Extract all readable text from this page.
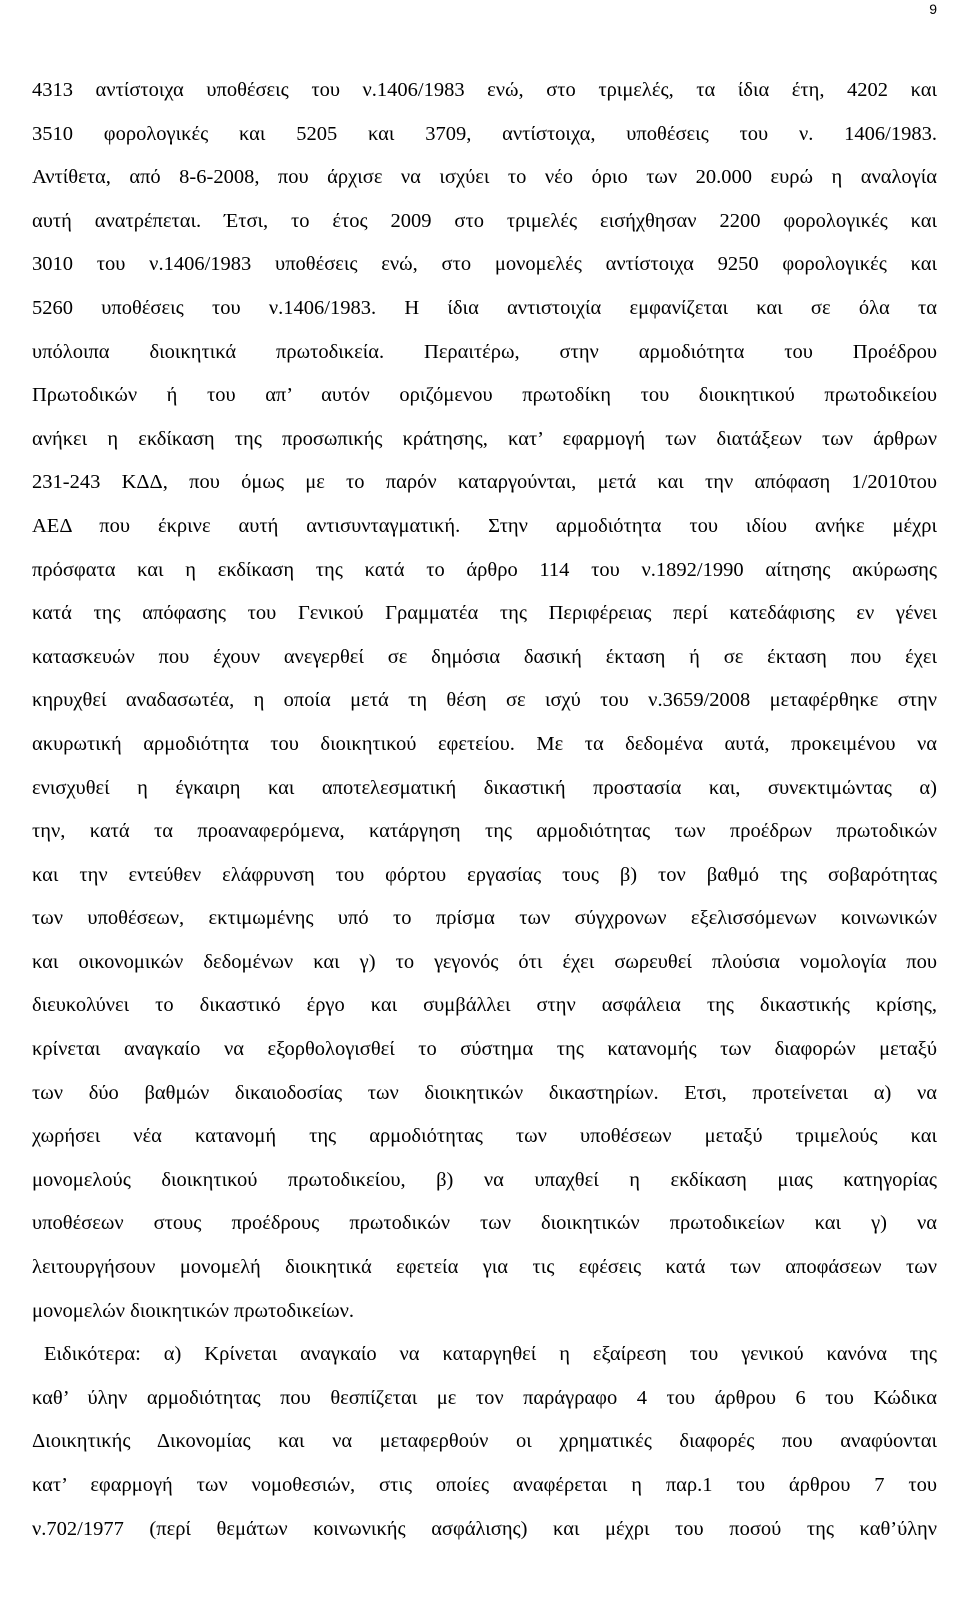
9
4313 αντίστοιχα υποθέσεις του ν.1406/1983 ενώ, στο τριμελές, τα ίδια έτη, 4202 και
3510 φορολογικές και 5205 και 3709, αντίστοιχα, υποθέσεις του ν. 1406/1983.
Αντίθετα, από 8-6-2008, που άρχισε να ισχύει το νέο όριο των 20.000 ευρώ η αναλογία
αυτή ανατρέπεται. Έτσι, το έτος 2009 στο τριμελές εισήχθησαν 2200 φορολογικές και
3010 του ν.1406/1983 υποθέσεις ενώ, στο μονομελές αντίστοιχα 9250 φορολογικές και
5260 υποθέσεις του ν.1406/1983. Η ίδια αντιστοιχία εμφανίζεται και σε όλα τα
υπόλοιπα διοικητικά πρωτοδικεία. Περαιτέρω, στην αρμοδιότητα του Προέδρου
Πρωτοδικών ή του απ’ αυτόν οριζόμενου πρωτοδίκη του διοικητικού πρωτοδικείου
ανήκει η εκδίκαση της προσωπικής κράτησης, κατ’ εφαρμογή των διατάξεων των άρθρων
231-243 ΚΔΔ, που όμως με το παρόν καταργούνται, μετά και την απόφαση 1/2010του
ΑΕΔ που έκρινε αυτή αντισυνταγματική. Στην αρμοδιότητα του ιδίου ανήκε μέχρι
πρόσφατα και η εκδίκαση της κατά το άρθρο 114 του ν.1892/1990 αίτησης ακύρωσης
κατά της απόφασης του Γενικού Γραμματέα της Περιφέρειας περί κατεδάφισης εν γένει
κατασκευών που έχουν ανεγερθεί σε δημόσια δασική έκταση ή σε έκταση που έχει
κηρυχθεί αναδασωτέα, η οποία μετά τη θέση σε ισχύ του ν.3659/2008 μεταφέρθηκε στην
ακυρωτική αρμοδιότητα του διοικητικού εφετείου. Με τα δεδομένα αυτά, προκειμένου να
ενισχυθεί η έγκαιρη και αποτελεσματική δικαστική προστασία και, συνεκτιμώντας α)
την, κατά τα προαναφερόμενα, κατάργηση της αρμοδιότητας των προέδρων πρωτοδικών
και την εντεύθεν ελάφρυνση του φόρτου εργασίας τους β) τον βαθμό της σοβαρότητας
των υποθέσεων, εκτιμωμένης υπό το πρίσμα των σύγχρονων εξελισσόμενων κοινωνικών
και οικονομικών δεδομένων και γ) το γεγονός ότι έχει σωρευθεί πλούσια νομολογία που
διευκολύνει το δικαστικό έργο και συμβάλλει στην ασφάλεια της δικαστικής κρίσης,
κρίνεται αναγκαίο να εξορθολογισθεί το σύστημα της κατανομής των διαφορών μεταξύ
των δύο βαθμών δικαιοδοσίας των διοικητικών δικαστηρίων. Ετσι, προτείνεται α) να
χωρήσει νέα κατανομή της αρμοδιότητας των υποθέσεων μεταξύ τριμελούς και
μονομελούς διοικητικού πρωτοδικείου, β) να υπαχθεί η εκδίκαση μιας κατηγορίας
υποθέσεων στους προέδρους πρωτοδικών των διοικητικών πρωτοδικείων και γ) να
λειτουργήσουν μονομελή διοικητικά εφετεία για τις εφέσεις κατά των αποφάσεων των
μονομελών διοικητικών πρωτοδικείων.
Ειδικότερα: α) Κρίνεται αναγκαίο να καταργηθεί η εξαίρεση του γενικού κανόνα της
καθ’ ύλην αρμοδιότητας που θεσπίζεται με τον παράγραφο 4 του άρθρου 6 του Κώδικα
Διοικητικής Δικονομίας και να μεταφερθούν οι χρηματικές διαφορές που αναφύονται
κατ’ εφαρμογή των νομοθεσιών, στις οποίες αναφέρεται η παρ.1 του άρθρου 7 του
ν.702/1977 (περί θεμάτων κοινωνικής ασφάλισης) και μέχρι του ποσού της καθ’ύλην
